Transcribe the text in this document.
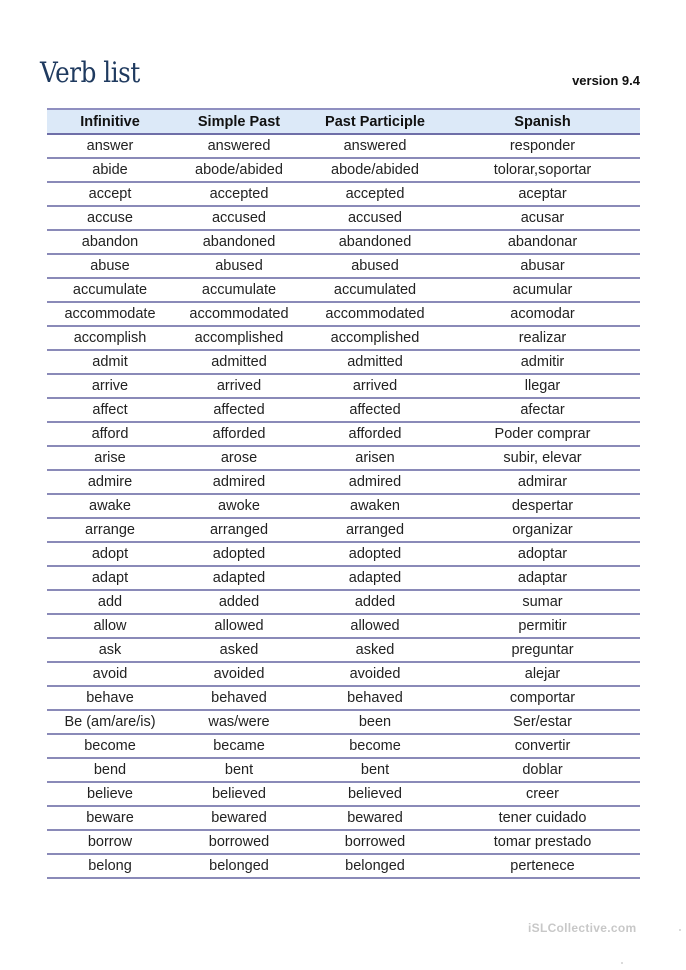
Verb list	version 9.4
Infinitive	Simple Past	Past Participle	Spanish
answer	answered	answered	responder
abide	abode/abided	abode/abided	tolorar,soportar
accept	accepted	accepted	aceptar
accuse	accused	accused	acusar
abandon	abandoned	abandoned	abandonar
abuse	abused	abused	abusar
accumulate	accumulate	accumulated	acumular
accommodate	accommodated	accommodated	acomodar
accomplish	accomplished	accomplished	realizar
admit	admitted	admitted	admitir
arrive	arrived	arrived	llegar
affect	affected	affected	afectar
afford	afforded	afforded	Poder comprar
arise	arose	arisen	subir, elevar
admire	admired	admired	admirar
awake	awoke	awaken	despertar
arrange	arranged	arranged	organizar
adopt	adopted	adopted	adoptar
adapt	adapted	adapted	adaptar
add	added	added	sumar
allow	allowed	allowed	permitir
ask	asked	asked	preguntar
avoid	avoided	avoided	alejar
behave	behaved	behaved	comportar
Be (am/are/is)	was/were	been	Ser/estar
become	became	become	convertir
bend	bent	bent	doblar
believe	believed	believed	creer
beware	bewared	bewared	tener cuidado
borrow	borrowed	borrowed	tomar prestado
belong	belonged	belonged	pertenece
iSLCollective.com
